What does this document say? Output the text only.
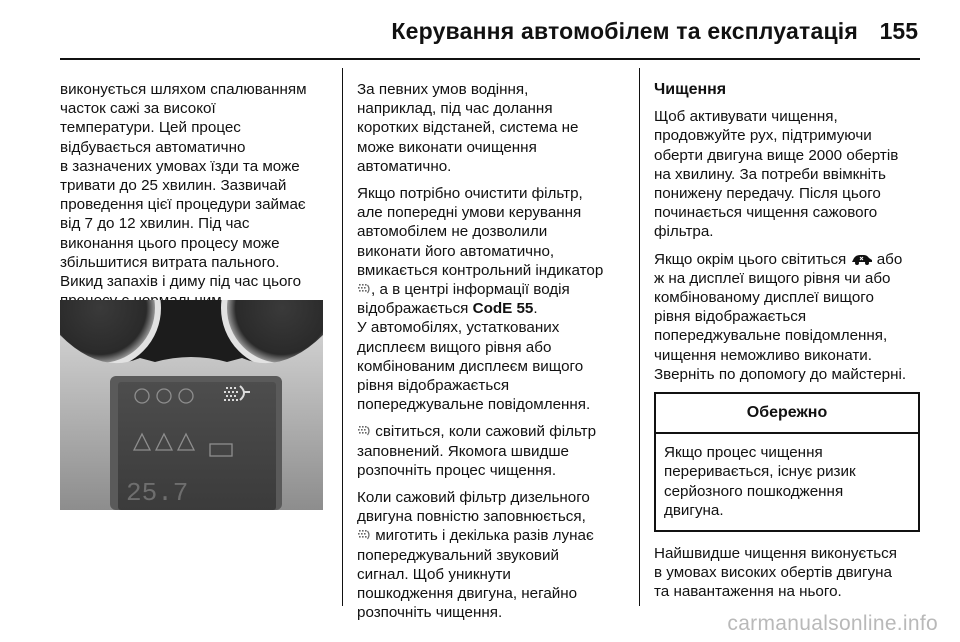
Керування автомобілем та експлуатація 155

виконується шляхом спалюванням
часток сажі за високої
температури. Цей процес
відбувається автоматично
в зазначених умовах їзди та може
тривати до 25 хвилин. Зазвичай
проведення цієї процедури займає
від 7 до 12 хвилин. Під час
виконання цього процесу може
збільшитися витрата пального.
Викид запахів і диму під час цього

25.7

За певних умов водіння,
наприклад, під час долання
коротких відстаней, система не
може виконати очищення
автоматично.

Якщо потрібно очистити фільтр,
але попередні умови керування
автомобілем не дозволили
виконати його автоматично,
вмикається контрольний індикатор
, а в центрі інформації водія
відображається CodE 55.
У автомобілях, устаткованих
дисплеєм вищого рівня або
комбінованим дисплеєм вищого
рівня відображається
попереджувальне повідомлення.

світиться, коли сажовий фільтр
заповнений. Якомога швидше
розпочніть процес чищення.

Коли сажовий фільтр дизельного
двигуна повністю заповнюється,
миготить і декілька разів лунає
попереджувальний звуковий
сигнал. Щоб уникнути
пошкодження двигуна, негайно
розпочніть чищення.

Чищення

Щоб активувати чищення,
продовжуйте рух, підтримуючи
оберти двигуна вище 2000 обертів
на хвилину. За потреби ввімкніть
понижену передачу. Після цього
починається чищення сажового
фільтра.

Якщо окрім цього світиться  або
ж на дисплеї вищого рівня чи або
комбінованому дисплеї вищого
рівня відображається
попереджувальне повідомлення,
чищення неможливо виконати.
Зверніть по допомогу до майстерні.

Обережно
Якщо процес чищення
переривається, існує ризик
серйозного пошкодження
двигуна.

Найшвидше чищення виконується
в умовах високих обертів двигуна
та навантаження на нього.

carmanualsonline.info
